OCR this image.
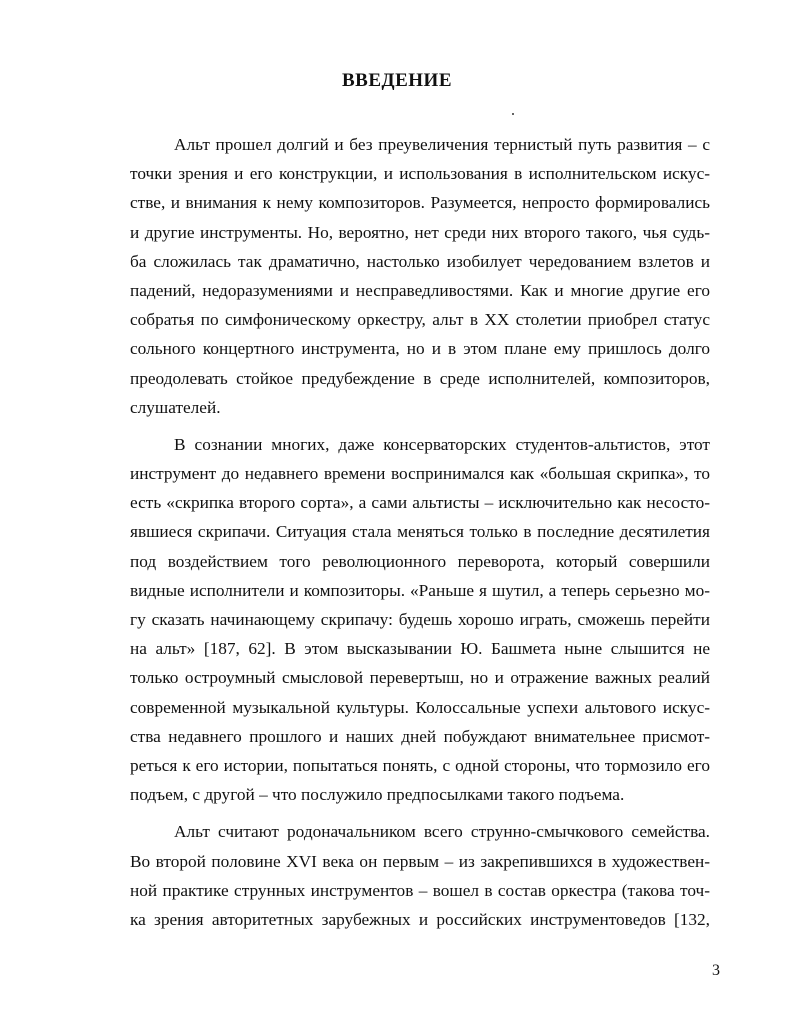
ВВЕДЕНИЕ
Альт прошел долгий и без преувеличения тернистый путь развития – с
точки зрения и его конструкции, и использования в исполнительском искус-
стве, и внимания к нему композиторов. Разумеется, непросто формировались
и другие инструменты. Но, вероятно, нет среди них второго такого, чья судь-
ба сложилась так драматично, настолько изобилует чередованием взлетов и
падений, недоразумениями и несправедливостями. Как и многие другие его
собратья по симфоническому оркестру, альт в XX столетии приобрел статус
сольного концертного инструмента, но и в этом плане ему пришлось долго
преодолевать стойкое предубеждение в среде исполнителей, композиторов,
слушателей.
В сознании многих, даже консерваторских студентов-альтистов, этот
инструмент до недавнего времени воспринимался как «большая скрипка», то
есть «скрипка второго сорта», а сами альтисты – исключительно как несосто-
явшиеся скрипачи. Ситуация стала меняться только в последние десятилетия
под воздействием того революционного переворота, который совершили
видные исполнители и композиторы. «Раньше я шутил, а теперь серьезно мо-
гу сказать начинающему скрипачу: будешь хорошо играть, сможешь перейти
на альт» [187, 62]. В этом высказывании Ю. Башмета ныне слышится не
только остроумный смысловой перевертыш, но и отражение важных реалий
современной музыкальной культуры. Колоссальные успехи альтового искус-
ства недавнего прошлого и наших дней побуждают внимательнее присмот-
реться к его истории, попытаться понять, с одной стороны, что тормозило его
подъем, с другой – что послужило предпосылками такого подъема.
Альт считают родоначальником всего струнно-смычкового семейства.
Во второй половине XVI века он первым – из закрепившихся в художествен-
ной практике струнных инструментов – вошел в состав оркестра (такова точ-
ка зрения авторитетных зарубежных и российских инструментоведов [132,
3
